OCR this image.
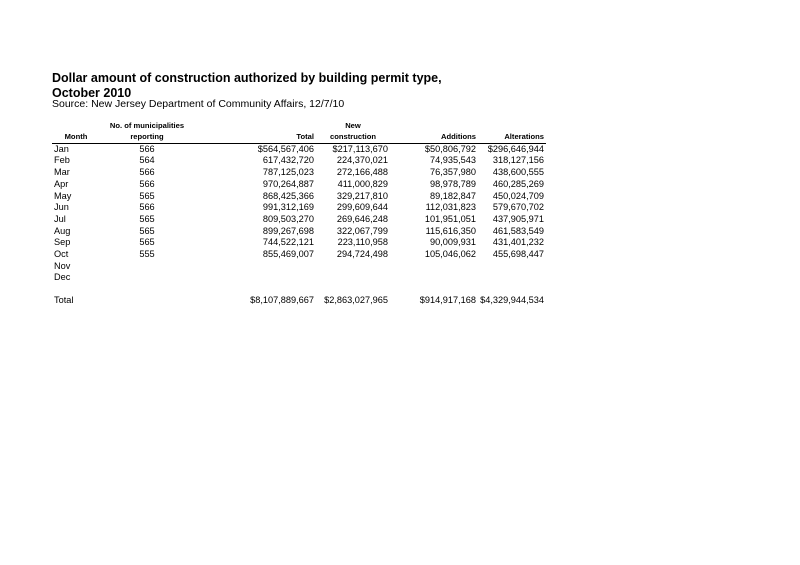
Dollar amount of construction authorized by building permit type,
October 2010
Source: New Jersey Department of Community Affairs, 12/7/10
	No. of municipalities		New		
Month	reporting	Total	construction	Additions	Alterations
Jan	566	$564,567,406	$217,113,670	$50,806,792	$296,646,944
Feb	564	617,432,720	224,370,021	74,935,543	318,127,156
Mar	566	787,125,023	272,166,488	76,357,980	438,600,555
Apr	566	970,264,887	411,000,829	98,978,789	460,285,269
May	565	868,425,366	329,217,810	89,182,847	450,024,709
Jun	566	991,312,169	299,609,644	112,031,823	579,670,702
Jul	565	809,503,270	269,646,248	101,951,051	437,905,971
Aug	565	899,267,698	322,067,799	115,616,350	461,583,549
Sep	565	744,522,121	223,110,958	90,009,931	431,401,232
Oct	555	855,469,007	294,724,498	105,046,062	455,698,447
Nov					
Dec					

Total		$8,107,889,667	$2,863,027,965	$914,917,168	$4,329,944,534
